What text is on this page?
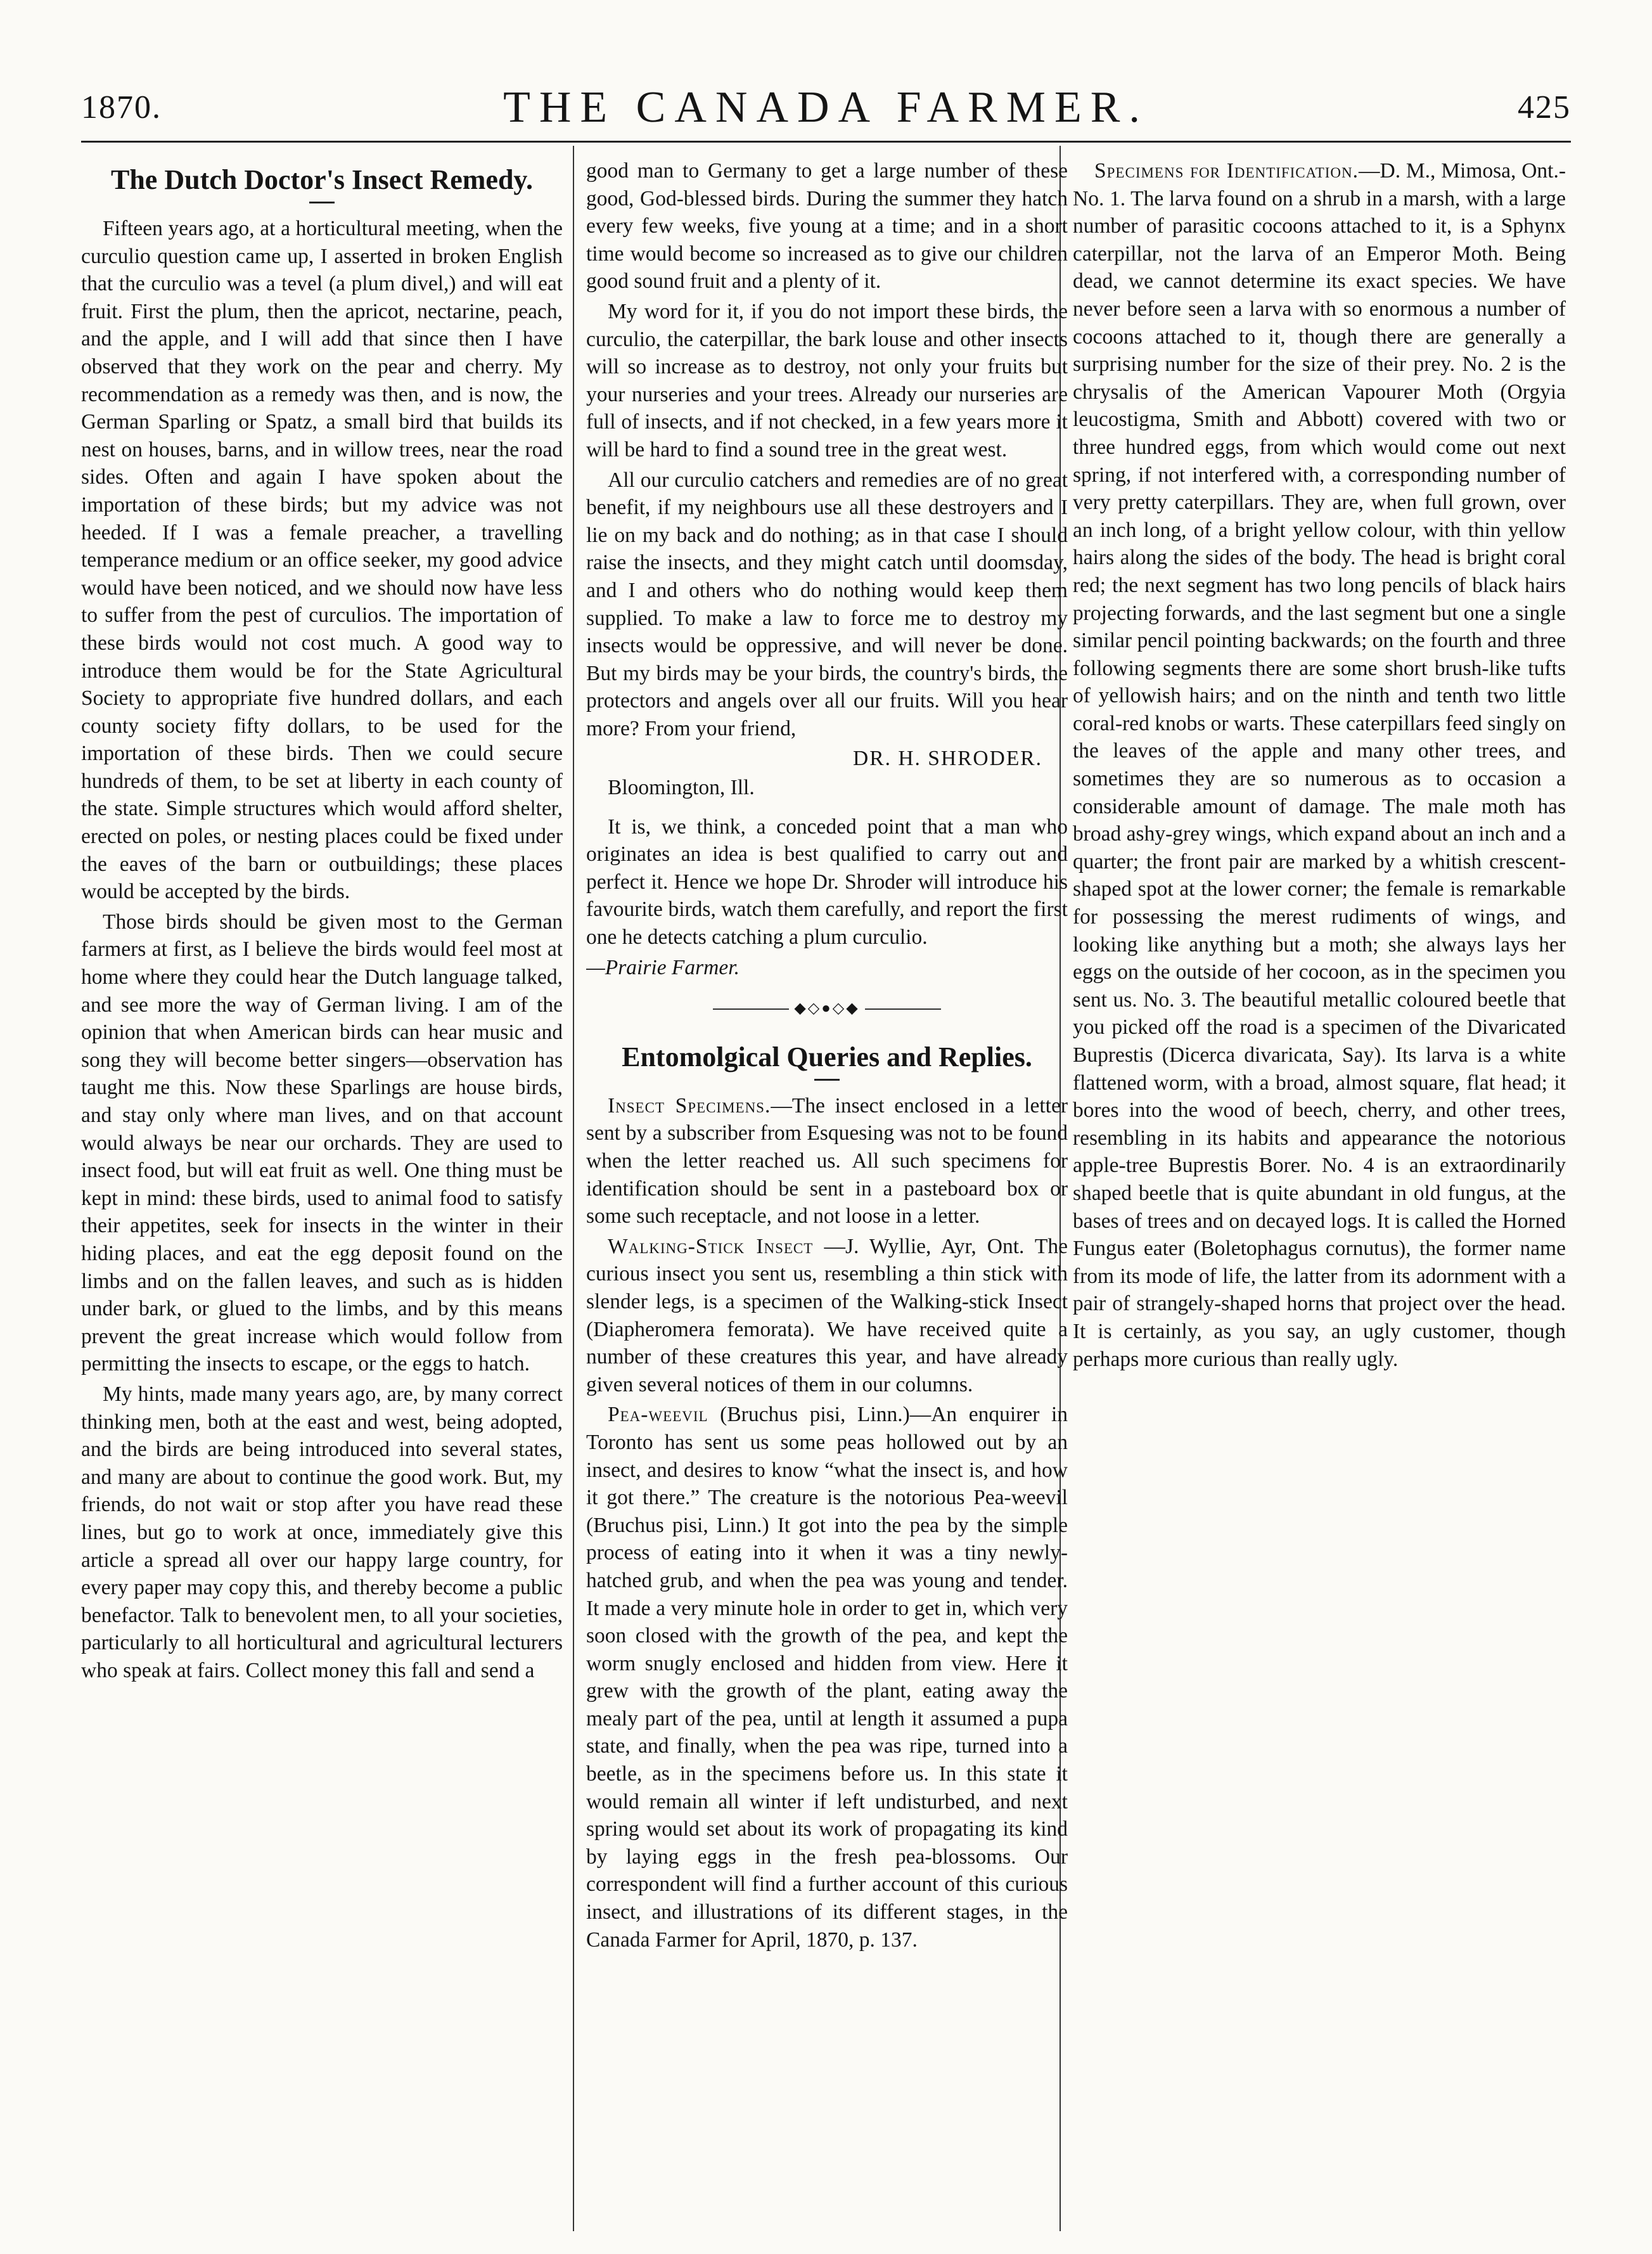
1870.	THE CANADA FARMER.	425
The Dutch Doctor's Insect Remedy.

Fifteen years ago, at a horticultural meeting, when the curculio question came up, I asserted in broken English that the curculio was a tevel (a plum divel,) and will eat fruit. First the plum, then the apricot, nectarine, peach, and the apple, and I will add that since then I have observed that they work on the pear and cherry. My recommendation as a remedy was then, and is now, the German Sparling or Spatz, a small bird that builds its nest on houses, barns, and in willow trees, near the road sides. Often and again I have spoken about the importation of these birds; but my advice was not heeded. If I was a female preacher, a travelling temperance medium or an office seeker, my good advice would have been noticed, and we should now have less to suffer from the pest of curculios. The importation of these birds would not cost much. A good way to introduce them would be for the State Agricultural Society to appropriate five hundred dollars, and each county society fifty dollars, to be used for the importation of these birds. Then we could secure hundreds of them, to be set at liberty in each county of the state. Simple structures which would afford shelter, erected on poles, or nesting places could be fixed under the eaves of the barn or outbuildings; these places would be accepted by the birds.

Those birds should be given most to the German farmers at first, as I believe the birds would feel most at home where they could hear the Dutch language talked, and see more the way of German living. I am of the opinion that when American birds can hear music and song they will become better singers—observation has taught me this. Now these Sparlings are house birds, and stay only where man lives, and on that account would always be near our orchards. They are used to insect food, but will eat fruit as well. One thing must be kept in mind: these birds, used to animal food to satisfy their appetites, seek for insects in the winter in their hiding places, and eat the egg deposit found on the limbs and on the fallen leaves, and such as is hidden under bark, or glued to the limbs, and by this means prevent the great increase which would follow from permitting the insects to escape, or the eggs to hatch.

My hints, made many years ago, are, by many correct thinking men, both at the east and west, being adopted, and the birds are being introduced into several states, and many are about to continue the good work. But, my friends, do not wait or stop after you have read these lines, but go to work at once, immediately give this article a spread all over our happy large country, for every paper may copy this, and thereby become a public benefactor. Talk to benevolent men, to all your societies, particularly to all horticultural and agricultural lecturers who speak at fairs. Collect money this fall and send a

good man to Germany to get a large number of these good, God-blessed birds. During the summer they hatch every few weeks, five young at a time; and in a short time would become so increased as to give our children good sound fruit and a plenty of it.

My word for it, if you do not import these birds, the curculio, the caterpillar, the bark louse and other insects will so increase as to destroy, not only your fruits but your nurseries and your trees. Already our nurseries are full of insects, and if not checked, in a few years more it will be hard to find a sound tree in the great west.

All our curculio catchers and remedies are of no great benefit, if my neighbours use all these destroyers and I lie on my back and do nothing; as in that case I should raise the insects, and they might catch until doomsday, and I and others who do nothing would keep them supplied. To make a law to force me to destroy my insects would be oppressive, and will never be done. But my birds may be your birds, the country's birds, the protectors and angels over all our fruits. Will you hear more? From your friend,

DR. H. SHRODER.
Bloomington, Ill.

It is, we think, a conceded point that a man who originates an idea is best qualified to carry out and perfect it. Hence we hope Dr. Shroder will introduce his favourite birds, watch them carefully, and report the first one he detects catching a plum curculio.

—Prairie Farmer.

◆◇●◇◆
Entomolgical Queries and Replies.

Insect Specimens.—The insect enclosed in a letter sent by a subscriber from Esquesing was not to be found when the letter reached us. All such specimens for identification should be sent in a pasteboard box or some such receptacle, and not loose in a letter.

Walking-Stick Insect —J. Wyllie, Ayr, Ont. The curious insect you sent us, resembling a thin stick with slender legs, is a specimen of the Walking-stick Insect (Diapheromera femorata). We have received quite a number of these creatures this year, and have already given several notices of them in our columns.

Pea-weevil (Bruchus pisi, Linn.)—An enquirer in Toronto has sent us some peas hollowed out by an insect, and desires to know “what the insect is, and how it got there.” The creature is the notorious Pea-weevil (Bruchus pisi, Linn.) It got into the pea by the simple process of eating into it when it was a tiny newly-hatched grub, and when the pea was young and tender. It made a very minute hole in order to get in, which very soon closed with the growth of the pea, and kept the worm snugly enclosed and hidden from view. Here it grew with the growth of the plant, eating away the mealy part of the pea, until at length it assumed a pupa state, and finally, when the pea was ripe, turned into a beetle, as in the specimens before us. In this state it would remain all winter if left undisturbed, and next spring would set about its work of propagating its kind by laying eggs in the fresh pea-blossoms. Our correspondent will find a further account of this curious insect, and illustrations of its different stages, in the Canada Farmer for April, 1870, p. 137.

Specimens for Identification.—D. M., Mimosa, Ont.- No. 1. The larva found on a shrub in a marsh, with a large number of parasitic cocoons attached to it, is a Sphynx caterpillar, not the larva of an Emperor Moth. Being dead, we cannot determine its exact species. We have never before seen a larva with so enormous a number of cocoons attached to it, though there are generally a surprising number for the size of their prey. No. 2 is the chrysalis of the American Vapourer Moth (Orgyia leucostigma, Smith and Abbott) covered with two or three hundred eggs, from which would come out next spring, if not interfered with, a corresponding number of very pretty caterpillars. They are, when full grown, over an inch long, of a bright yellow colour, with thin yellow hairs along the sides of the body. The head is bright coral red; the next segment has two long pencils of black hairs projecting forwards, and the last segment but one a single similar pencil pointing backwards; on the fourth and three following segments there are some short brush-like tufts of yellowish hairs; and on the ninth and tenth two little coral-red knobs or warts. These caterpillars feed singly on the leaves of the apple and many other trees, and sometimes they are so numerous as to occasion a considerable amount of damage. The male moth has broad ashy-grey wings, which expand about an inch and a quarter; the front pair are marked by a whitish crescent-shaped spot at the lower corner; the female is remarkable for possessing the merest rudiments of wings, and looking like anything but a moth; she always lays her eggs on the outside of her cocoon, as in the specimen you sent us. No. 3. The beautiful metallic coloured beetle that you picked off the road is a specimen of the Divaricated Buprestis (Dicerca divaricata, Say). Its larva is a white flattened worm, with a broad, almost square, flat head; it bores into the wood of beech, cherry, and other trees, resembling in its habits and appearance the notorious apple-tree Buprestis Borer. No. 4 is an extraordinarily shaped beetle that is quite abundant in old fungus, at the bases of trees and on decayed logs. It is called the Horned Fungus eater (Boletophagus cornutus), the former name from its mode of life, the latter from its adornment with a pair of strangely-shaped horns that project over the head. It is certainly, as you say, an ugly customer, though perhaps more curious than really ugly.
